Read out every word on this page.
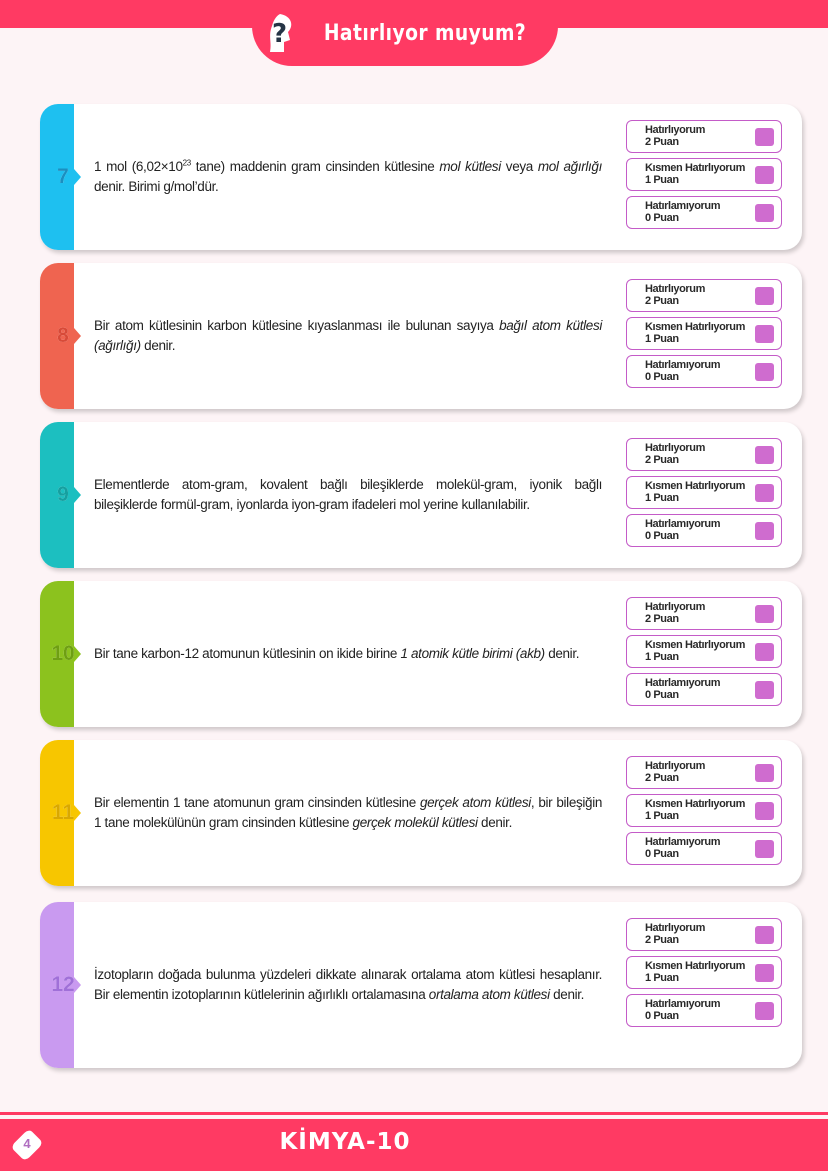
? Hatırlıyor muyum?
7	1 mol ($6,02\times 10^{23}$ tane) maddenin gram cinsinden kütlesine mol kütlesi veya mol ağırlığı denir. Birimi g/mol’dür.
Hatırlıyorum
2 Puan
Kısmen Hatırlıyorum
1 Puan
Hatırlamıyorum
0 Puan
8	Bir atom kütlesinin karbon kütlesine kıyaslanması ile bulunan sayıya bağıl atom kütlesi (ağırlığı) denir.
Hatırlıyorum
2 Puan
Kısmen Hatırlıyorum
1 Puan
Hatırlamıyorum
0 Puan
9	Elementlerde atom-gram, kovalent bağlı bileşiklerde molekül-gram, iyonik bağlı bileşiklerde formül-gram, iyonlarda iyon-gram ifadeleri mol yerine kullanılabilir.
Hatırlıyorum
2 Puan
Kısmen Hatırlıyorum
1 Puan
Hatırlamıyorum
0 Puan
10	Bir tane karbon-12 atomunun kütlesinin on ikide birine 1 atomik kütle birimi (akb) denir.
Hatırlıyorum
2 Puan
Kısmen Hatırlıyorum
1 Puan
Hatırlamıyorum
0 Puan
11	Bir elementin 1 tane atomunun gram cinsinden kütlesine gerçek atom kütlesi, bir bileşiğin 1 tane molekülünün gram cinsinden kütlesine gerçek molekül kütlesi denir.
Hatırlıyorum
2 Puan
Kısmen Hatırlıyorum
1 Puan
Hatırlamıyorum
0 Puan
12	İzotopların doğada bulunma yüzdeleri dikkate alınarak ortalama atom kütlesi hesaplanır. Bir elementin izotoplarının kütlelerinin ağırlıklı ortalamasına ortalama atom kütlesi denir.
Hatırlıyorum
2 Puan
Kısmen Hatırlıyorum
1 Puan
Hatırlamıyorum
0 Puan
4	KİMYA-10
